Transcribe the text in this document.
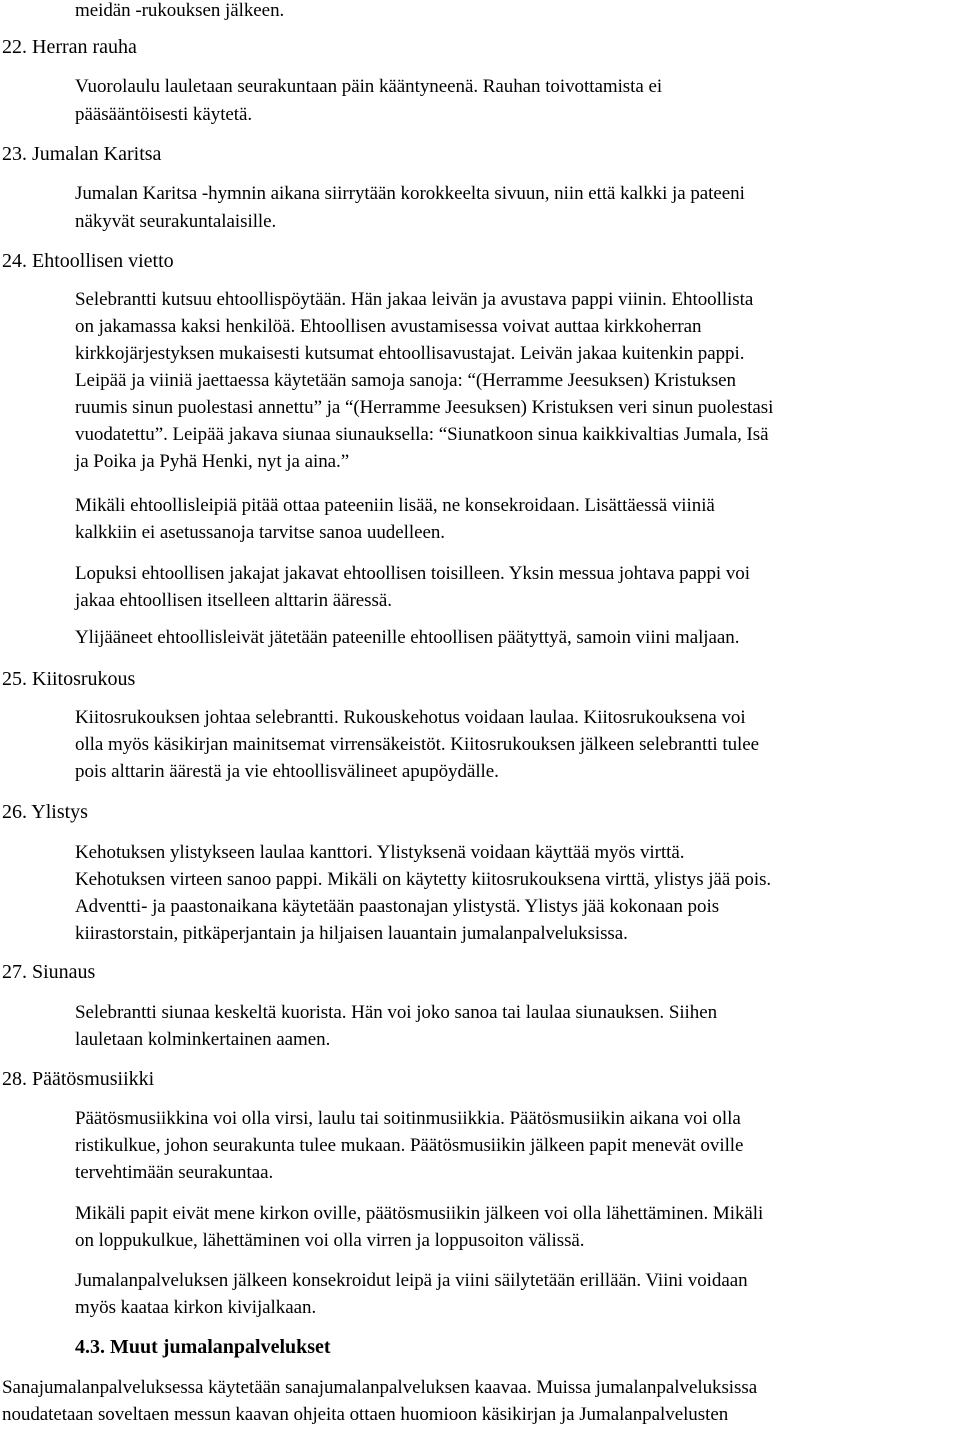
meidän -rukouksen jälkeen.
22. Herran rauha
Vuorolaulu lauletaan seurakuntaan päin kääntyneenä. Rauhan toivottamista ei
pääsääntöisesti käytetä.
23. Jumalan Karitsa
Jumalan Karitsa -hymnin aikana siirrytään korokkeelta sivuun, niin että kalkki ja pateeni
näkyvät seurakuntalaisille.
24. Ehtoollisen vietto
Selebrantti kutsuu ehtoollispöytään. Hän jakaa leivän ja avustava pappi viinin. Ehtoollista
on jakamassa kaksi henkilöä. Ehtoollisen avustamisessa voivat auttaa kirkkoherran
kirkkojärjestyksen mukaisesti kutsumat ehtoollisavustajat. Leivän jakaa kuitenkin pappi.
Leipää ja viiniä jaettaessa käytetään samoja sanoja: “(Herramme Jeesuksen) Kristuksen
ruumis sinun puolestasi annettu” ja “(Herramme Jeesuksen) Kristuksen veri sinun puolestasi
vuodatettu”. Leipää jakava siunaa siunauksella: “Siunatkoon sinua kaikkivaltias Jumala, Isä
ja Poika ja Pyhä Henki, nyt ja aina.”
Mikäli ehtoollisleipiä pitää ottaa pateeniin lisää, ne konsekroidaan. Lisättäessä viiniä
kalkkiin ei asetussanoja tarvitse sanoa uudelleen.
Lopuksi ehtoollisen jakajat jakavat ehtoollisen toisilleen. Yksin messua johtava pappi voi
jakaa ehtoollisen itselleen alttarin ääressä.
Ylijääneet ehtoollisleivät jätetään pateenille ehtoollisen päätyttyä, samoin viini maljaan.
25. Kiitosrukous
Kiitosrukouksen johtaa selebrantti. Rukouskehotus voidaan laulaa. Kiitosrukouksena voi
olla myös käsikirjan mainitsemat virrensäkeistöt. Kiitosrukouksen jälkeen selebrantti tulee
pois alttarin äärestä ja vie ehtoollisvälineet apupöydälle.
26. Ylistys
Kehotuksen ylistykseen laulaa kanttori. Ylistyksenä voidaan käyttää myös virttä.
Kehotuksen virteen sanoo pappi. Mikäli on käytetty kiitosrukouksena virttä, ylistys jää pois.
Adventti- ja paastonaikana käytetään paastonajan ylistystä. Ylistys jää kokonaan pois
kiirastorstain, pitkäperjantain ja hiljaisen lauantain jumalanpalveluksissa.
27. Siunaus
Selebrantti siunaa keskeltä kuorista. Hän voi joko sanoa tai laulaa siunauksen. Siihen
lauletaan kolminkertainen aamen.
28. Päätösmusiikki
Päätösmusiikkina voi olla virsi, laulu tai soitinmusiikkia. Päätösmusiikin aikana voi olla
ristikulkue, johon seurakunta tulee mukaan. Päätösmusiikin jälkeen papit menevät oville
tervehtimään seurakuntaa.
Mikäli papit eivät mene kirkon oville, päätösmusiikin jälkeen voi olla lähettäminen. Mikäli
on loppukulkue, lähettäminen voi olla virren ja loppusoiton välissä.
Jumalanpalveluksen jälkeen konsekroidut leipä ja viini säilytetään erillään. Viini voidaan
myös kaataa kirkon kivijalkaan.
4.3. Muut jumalanpalvelukset
Sanajumalanpalveluksessa käytetään sanajumalanpalveluksen kaavaa. Muissa jumalanpalveluksissa
noudatetaan soveltaen messun kaavan ohjeita ottaen huomioon käsikirjan ja Jumalanpalvelusten
